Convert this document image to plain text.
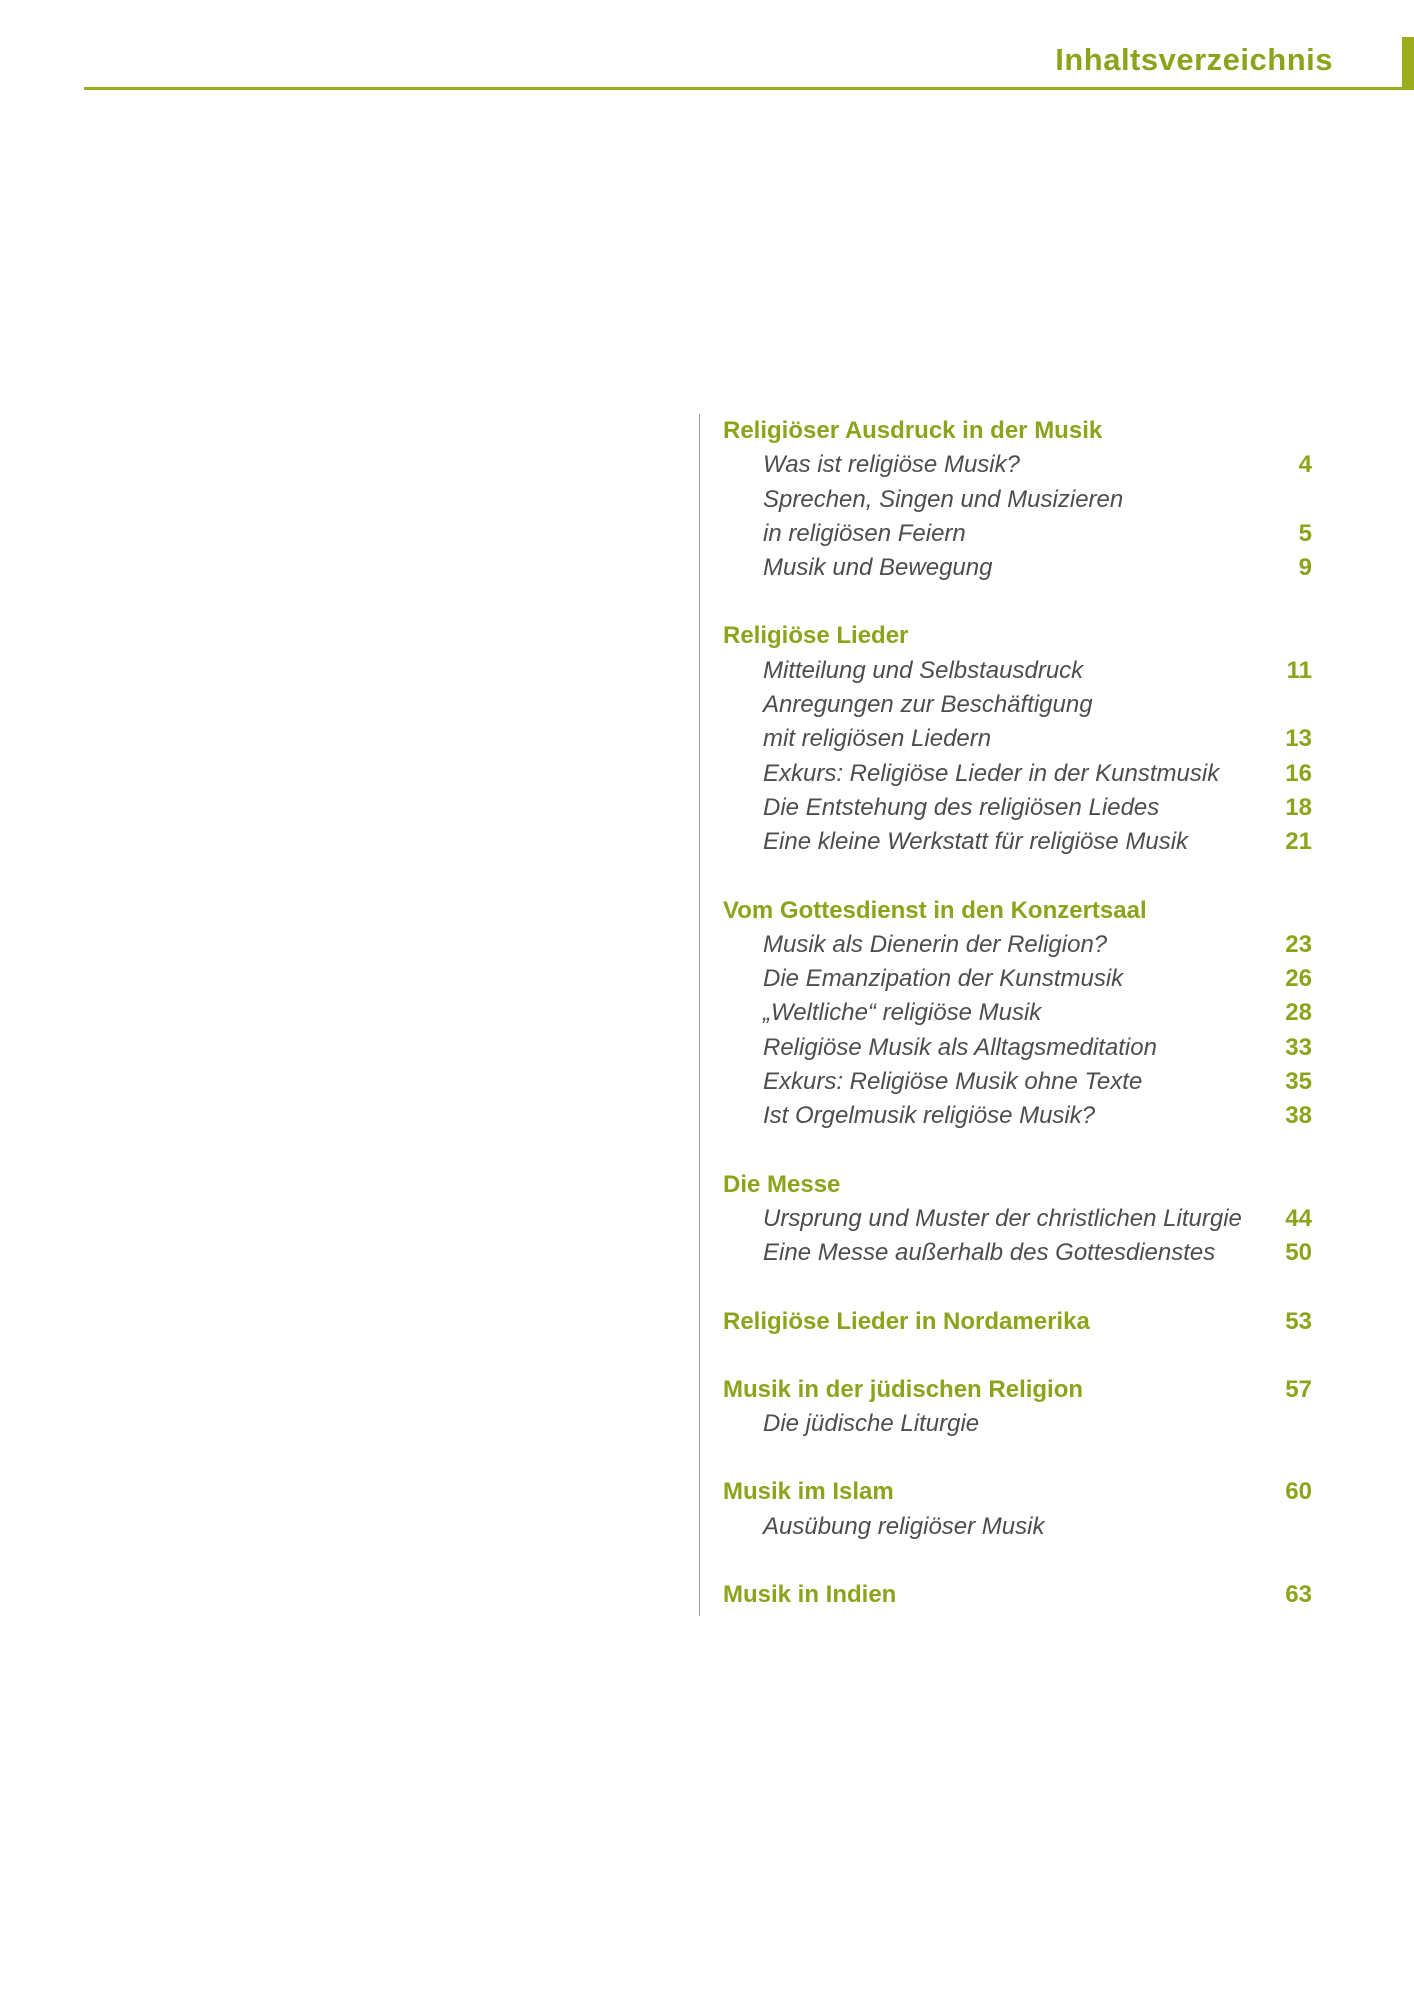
Inhaltsverzeichnis
Religiöser Ausdruck in der Musik
Was ist religiöse Musik?	4
Sprechen, Singen und Musizieren
in religiösen Feiern	5
Musik und Bewegung	9
Religiöse Lieder
Mitteilung und Selbstausdruck	11
Anregungen zur Beschäftigung
mit religiösen Liedern	13
Exkurs: Religiöse Lieder in der Kunstmusik	16
Die Entstehung des religiösen Liedes	18
Eine kleine Werkstatt für religiöse Musik	21
Vom Gottesdienst in den Konzertsaal
Musik als Dienerin der Religion?	23
Die Emanzipation der Kunstmusik	26
„Weltliche“ religiöse Musik	28
Religiöse Musik als Alltagsmeditation	33
Exkurs: Religiöse Musik ohne Texte	35
Ist Orgelmusik religiöse Musik?	38
Die Messe
Ursprung und Muster der christlichen Liturgie 44
Eine Messe außerhalb des Gottesdienstes	50
Religiöse Lieder in Nordamerika	53
Musik in der jüdischen Religion	57
Die jüdische Liturgie
Musik im Islam	60
Ausübung religiöser Musik
Musik in Indien	63
